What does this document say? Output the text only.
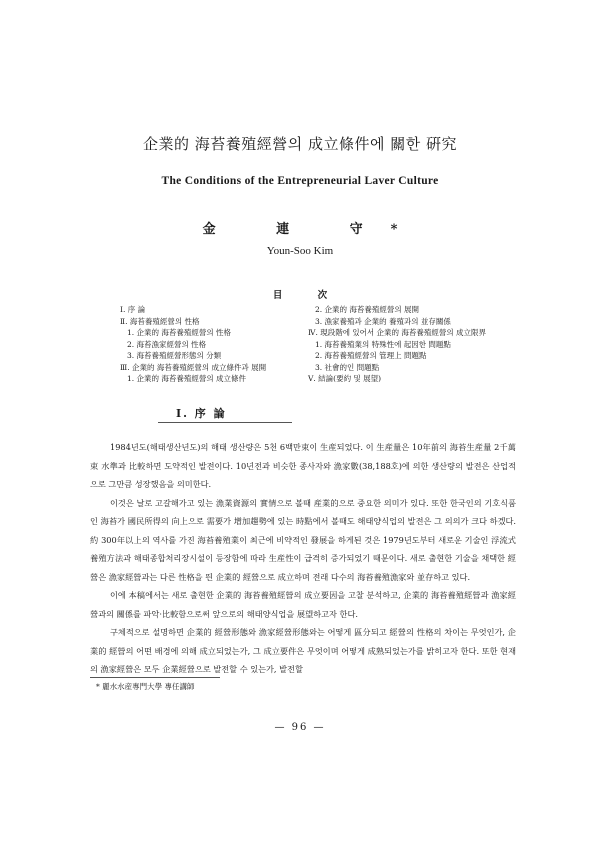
企業的 海苔養殖經營의 成立條件에 關한 硏究
The Conditions of the Entrepreneurial Laver Culture
金 連 守*
Youn-Soo Kim
目 次
Ⅰ. 序 論
Ⅱ. 海苔養殖經營의 性格
1. 企業的 海苔養殖經營의 性格
2. 海苔漁家經營의 性格
3. 海苔養殖經營形態의 分類
Ⅲ. 企業的 海苔養殖經營의 成立條件과 展開
1. 企業的 海苔養殖經營의 成立條件
2. 企業的 海苔養殖經營의 展開
3. 漁家養殖과 企業的 養殖과의 並存關係
Ⅳ. 現段階에 있어서 企業的 海苔養殖經營의 成立限界
1. 海苔養殖業의 特殊性에 起因한 問題點
2. 海苔養殖經營의 管理上 問題點
3. 社會的인 問題點
Ⅴ. 結論(要約 및 展望)
Ⅰ. 序 論

1984년도(해태생산년도)의 해태 생산량은 5천 6백만束이 生産되었다. 이 生産量은 10年前의 海苔生産量 2千萬束 水準과 比較하면 도약적인 발전이다. 10년전과 비슷한 종사자와 漁家數(38,188호)에 의한 생산량의 발전은 산업적으로 그만큼 성장했음을 의미한다.

이것은 날로 고갈해가고 있는 漁業資源의 實情으로 볼때 産業的으로 중요한 의미가 있다. 또한 한국인의 기호식품인 海苔가 國民所得의 向上으로 需要가 增加趨勢에 있는 時點에서 볼때도 해태양식업의 발전은 그 의의가 크다 하겠다. 約 300年以上의 역사를 가진 海苔養殖業이 최근에 비약적인 發展을 하게된 것은 1979년도부터 새로운 기술인 浮流式養殖方法과 해태종합처리장시설이 등장함에 따라 生産性이 급격히 증가되었기 때문이다. 새로 출현한 기술을 채택한 經營은 漁家經營과는 다른 性格을 띈 企業的 經營으로 成立하며 전래 다수의 海苔養殖漁家와 並存하고 있다.

이에 本稿에서는 새로 출현한 企業的 海苔養殖經營의 成立要因을 고찰 분석하고, 企業的 海苔養殖經營과 漁家經營과의 關係를 파악·比較함으로써 앞으로의 해태양식업을 展望하고자 한다.

구체적으로 설명하면 企業的 經營形態와 漁家經營形態와는 어떻게 區分되고 經營의 性格의 차이는 무엇인가, 企業的 經營의 어떤 배경에 의해 成立되었는가, 그 成立要件은 무엇이며 어떻게 成熟되었는가를 밝히고자 한다. 또한 현재의 漁家經營은 모두 企業經營으로 발전할 수 있는가, 발전할

* 麗水水産專門大學 專任講師
— 96 —
